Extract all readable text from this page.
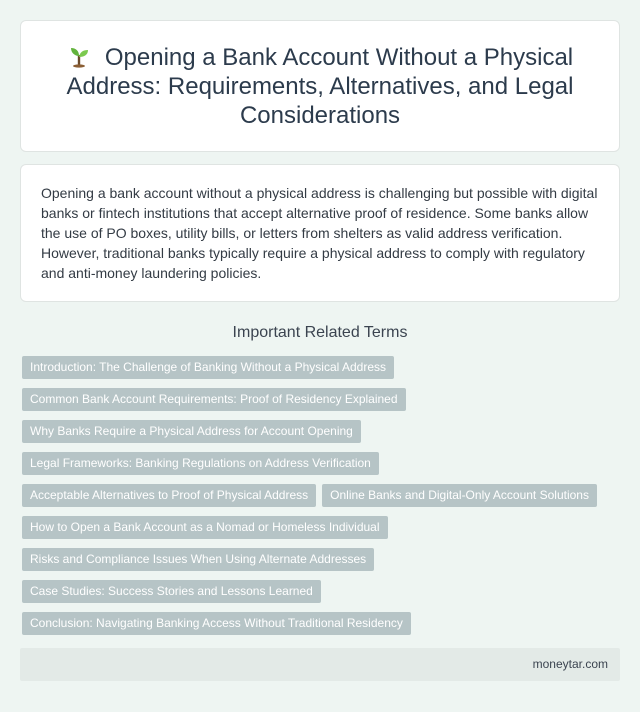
Opening a Bank Account Without a Physical Address: Requirements, Alternatives, and Legal Considerations

Opening a bank account without a physical address is challenging but possible with digital banks or fintech institutions that accept alternative proof of residence. Some banks allow the use of PO boxes, utility bills, or letters from shelters as valid address verification. However, traditional banks typically require a physical address to comply with regulatory and anti-money laundering policies.

Important Related Terms
Introduction: The Challenge of Banking Without a Physical Address
Common Bank Account Requirements: Proof of Residency Explained
Why Banks Require a Physical Address for Account Opening
Legal Frameworks: Banking Regulations on Address Verification
Acceptable Alternatives to Proof of Physical Address	Online Banks and Digital-Only Account Solutions
How to Open a Bank Account as a Nomad or Homeless Individual
Risks and Compliance Issues When Using Alternate Addresses
Case Studies: Success Stories and Lessons Learned
Conclusion: Navigating Banking Access Without Traditional Residency
moneytar.com
